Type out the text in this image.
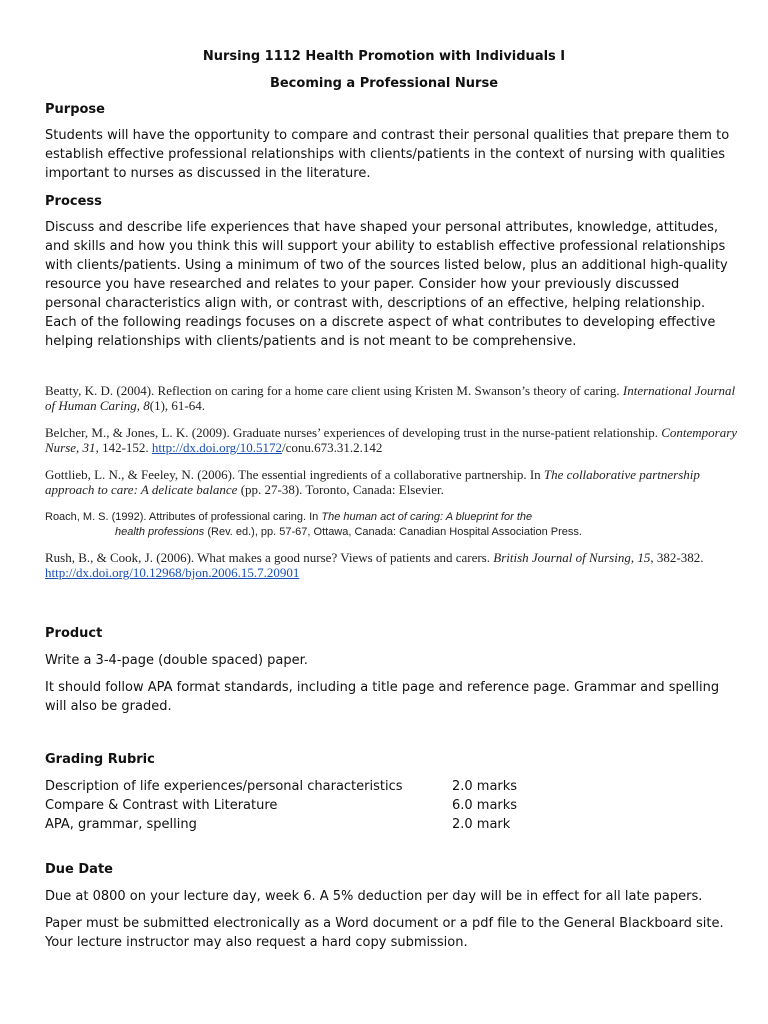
Nursing 1112 Health Promotion with Individuals I
Becoming a Professional Nurse
Purpose
Students will have the opportunity to compare and contrast their personal qualities that prepare them to establish effective professional relationships with clients/patients in the context of nursing with qualities important to nurses as discussed in the literature.
Process
Discuss and describe life experiences that have shaped your personal attributes, knowledge, attitudes, and skills and how you think this will support your ability to establish effective professional relationships with clients/patients. Using a minimum of two of the sources listed below, plus an additional high-quality resource you have researched and relates to your paper. Consider how your previously discussed personal characteristics align with, or contrast with, descriptions of an effective, helping relationship. Each of the following readings focuses on a discrete aspect of what contributes to developing effective helping relationships with clients/patients and is not meant to be comprehensive.
Beatty, K. D. (2004). Reflection on caring for a home care client using Kristen M. Swanson’s theory of caring. International Journal of Human Caring, 8(1), 61-64.
Belcher, M., & Jones, L. K. (2009). Graduate nurses’ experiences of developing trust in the nurse-patient relationship. Contemporary Nurse, 31, 142-152. http://dx.doi.org/10.5172/conu.673.31.2.142
Gottlieb, L. N., & Feeley, N. (2006). The essential ingredients of a collaborative partnership. In The collaborative partnership approach to care: A delicate balance (pp. 27-38). Toronto, Canada: Elsevier.
Roach, M. S. (1992). Attributes of professional caring. In The human act of caring: A blueprint for the
health professions (Rev. ed.), pp. 57-67, Ottawa, Canada: Canadian Hospital Association Press.
Rush, B., & Cook, J. (2006). What makes a good nurse? Views of patients and carers. British Journal of Nursing, 15, 382-382. http://dx.doi.org/10.12968/bjon.2006.15.7.20901
Product
Write a 3-4-page (double spaced) paper.
It should follow APA format standards, including a title page and reference page. Grammar and spelling will also be graded.
Grading Rubric
Description of life experiences/personal characteristics	2.0 marks
Compare & Contrast with Literature	6.0 marks
APA, grammar, spelling	2.0 mark
Due Date
Due at 0800 on your lecture day, week 6. A 5% deduction per day will be in effect for all late papers.
Paper must be submitted electronically as a Word document or a pdf file to the General Blackboard site. Your lecture instructor may also request a hard copy submission.
